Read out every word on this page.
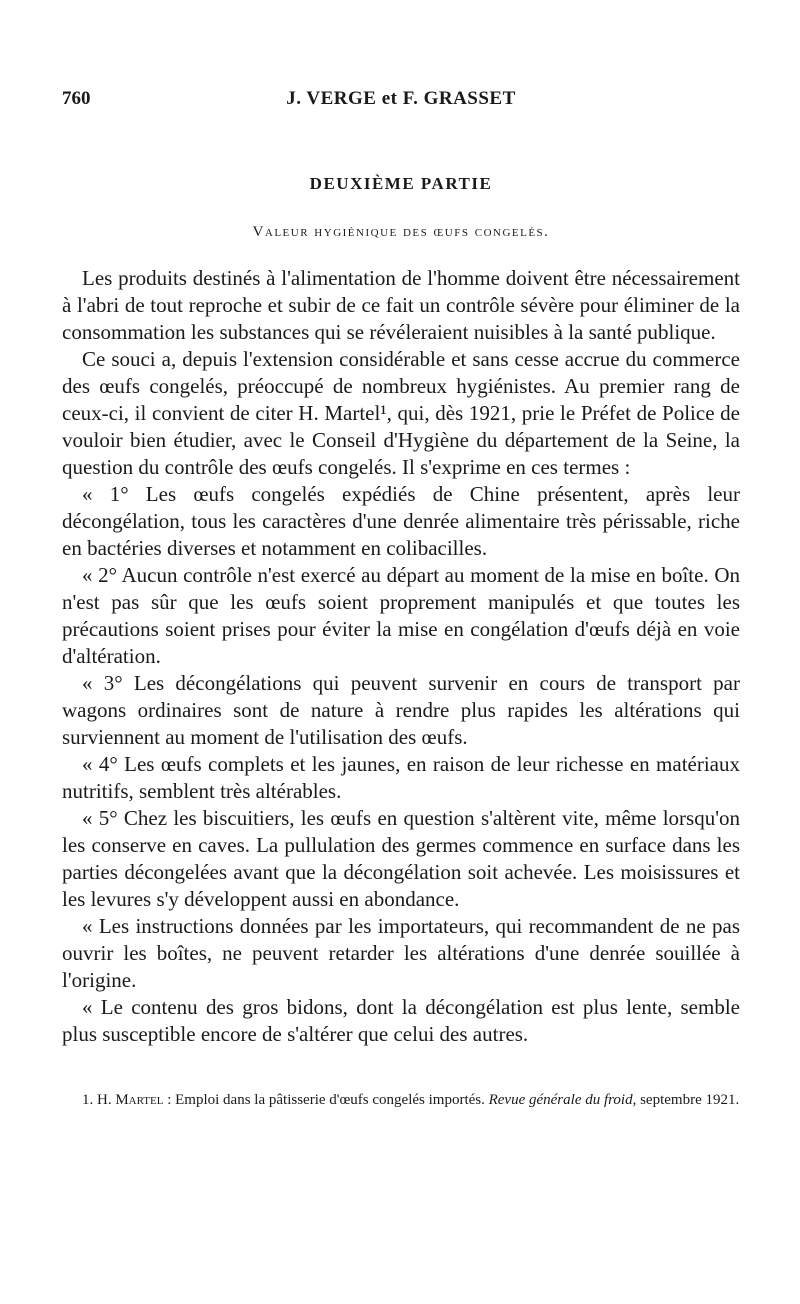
760	J. VERGE et F. GRASSET
DEUXIÈME PARTIE
Valeur hygiénique des œufs congelés.

Les produits destinés à l'alimentation de l'homme doivent être nécessairement à l'abri de tout reproche et subir de ce fait un contrôle sévère pour éliminer de la consommation les substances qui se révéleraient nuisibles à la santé publique.

Ce souci a, depuis l'extension considérable et sans cesse accrue du commerce des œufs congelés, préoccupé de nombreux hygiénistes. Au premier rang de ceux-ci, il convient de citer H. Martel¹, qui, dès 1921, prie le Préfet de Police de vouloir bien étudier, avec le Conseil d'Hygiène du département de la Seine, la question du contrôle des œufs congelés. Il s'exprime en ces termes :

« 1° Les œufs congelés expédiés de Chine présentent, après leur décongélation, tous les caractères d'une denrée alimentaire très périssable, riche en bactéries diverses et notamment en colibacilles.

« 2° Aucun contrôle n'est exercé au départ au moment de la mise en boîte. On n'est pas sûr que les œufs soient proprement manipulés et que toutes les précautions soient prises pour éviter la mise en congélation d'œufs déjà en voie d'altération.

« 3° Les décongélations qui peuvent survenir en cours de transport par wagons ordinaires sont de nature à rendre plus rapides les altérations qui surviennent au moment de l'utilisation des œufs.

« 4° Les œufs complets et les jaunes, en raison de leur richesse en matériaux nutritifs, semblent très altérables.

« 5° Chez les biscuitiers, les œufs en question s'altèrent vite, même lorsqu'on les conserve en caves. La pullulation des germes commence en surface dans les parties décongelées avant que la décongélation soit achevée. Les moisissures et les levures s'y développent aussi en abondance.

« Les instructions données par les importateurs, qui recommandent de ne pas ouvrir les boîtes, ne peuvent retarder les altérations d'une denrée souillée à l'origine.

« Le contenu des gros bidons, dont la décongélation est plus lente, semble plus susceptible encore de s'altérer que celui des autres.

1. H. Martel : Emploi dans la pâtisserie d'œufs congelés importés. Revue générale du froid, septembre 1921.
